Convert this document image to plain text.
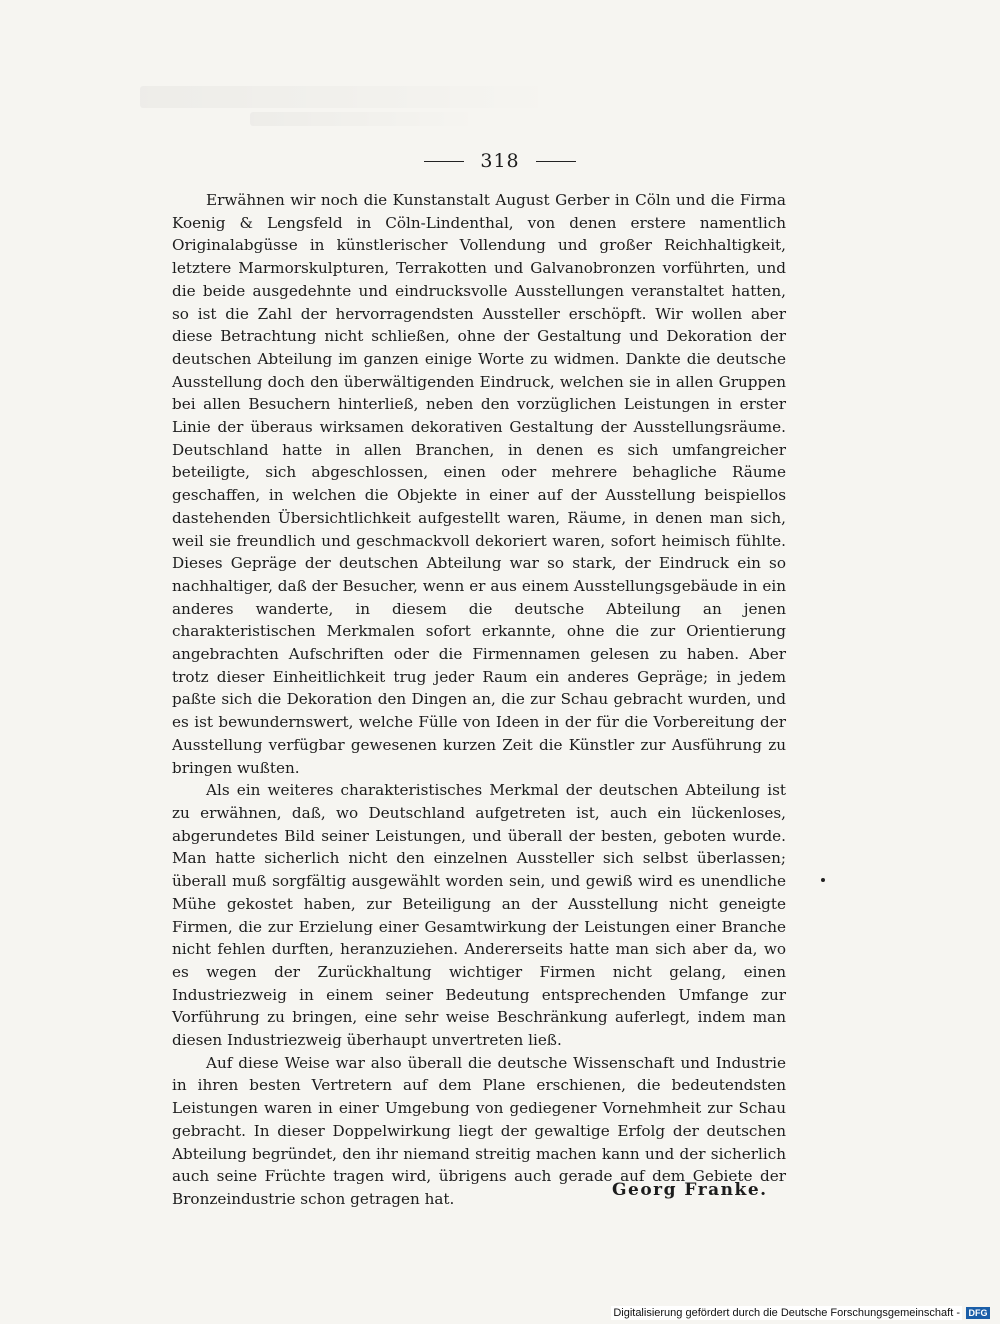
318

Erwähnen wir noch die Kunstanstalt August Gerber in Cöln und die Firma Koenig & Lengsfeld in Cöln-Lindenthal, von denen erstere namentlich Originalabgüsse in künstlerischer Vollendung und großer Reichhaltigkeit, letztere Marmorskulpturen, Terrakotten und Galvanobronzen vorführten, und die beide ausgedehnte und eindrucksvolle Ausstellungen veranstaltet hatten, so ist die Zahl der hervorragendsten Aussteller erschöpft. Wir wollen aber diese Betrachtung nicht schließen, ohne der Gestaltung und Dekoration der deutschen Abteilung im ganzen einige Worte zu widmen. Dankte die deutsche Ausstellung doch den überwältigenden Eindruck, welchen sie in allen Gruppen bei allen Besuchern hinterließ, neben den vorzüglichen Leistungen in erster Linie der überaus wirksamen dekorativen Gestaltung der Ausstellungsräume. Deutschland hatte in allen Branchen, in denen es sich umfangreicher beteiligte, sich abgeschlossen, einen oder mehrere behagliche Räume geschaffen, in welchen die Objekte in einer auf der Ausstellung beispiellos dastehenden Übersichtlichkeit aufgestellt waren, Räume, in denen man sich, weil sie freundlich und geschmackvoll dekoriert waren, sofort heimisch fühlte. Dieses Gepräge der deutschen Abteilung war so stark, der Eindruck ein so nachhaltiger, daß der Besucher, wenn er aus einem Ausstellungsgebäude in ein anderes wanderte, in diesem die deutsche Abteilung an jenen charakteristischen Merkmalen sofort erkannte, ohne die zur Orientierung angebrachten Aufschriften oder die Firmennamen gelesen zu haben. Aber trotz dieser Einheitlichkeit trug jeder Raum ein anderes Gepräge; in jedem paßte sich die Dekoration den Dingen an, die zur Schau gebracht wurden, und es ist bewundernswert, welche Fülle von Ideen in der für die Vorbereitung der Ausstellung verfügbar gewesenen kurzen Zeit die Künstler zur Ausführung zu bringen wußten.

Als ein weiteres charakteristisches Merkmal der deutschen Abteilung ist zu erwähnen, daß, wo Deutschland aufgetreten ist, auch ein lückenloses, abgerundetes Bild seiner Leistungen, und überall der besten, geboten wurde. Man hatte sicherlich nicht den einzelnen Aussteller sich selbst überlassen; überall muß sorgfältig ausgewählt worden sein, und gewiß wird es unendliche Mühe gekostet haben, zur Beteiligung an der Ausstellung nicht geneigte Firmen, die zur Erzielung einer Gesamtwirkung der Leistungen einer Branche nicht fehlen durften, heranzuziehen. Andererseits hatte man sich aber da, wo es wegen der Zurückhaltung wichtiger Firmen nicht gelang, einen Industriezweig in einem seiner Bedeutung entsprechenden Umfange zur Vorführung zu bringen, eine sehr weise Beschränkung auferlegt, indem man diesen Industriezweig überhaupt unvertreten ließ.

Auf diese Weise war also überall die deutsche Wissenschaft und Industrie in ihren besten Vertretern auf dem Plane erschienen, die bedeutendsten Leistungen waren in einer Umgebung von gediegener Vornehmheit zur Schau gebracht. In dieser Doppelwirkung liegt der gewaltige Erfolg der deutschen Abteilung begründet, den ihr niemand streitig machen kann und der sicherlich auch seine Früchte tragen wird, übrigens auch gerade auf dem Gebiete der Bronzeindustrie schon getragen hat.	Georg Franke.
Digitalisierung gefördert durch die Deutsche Forschungsgemeinschaft - DFG
